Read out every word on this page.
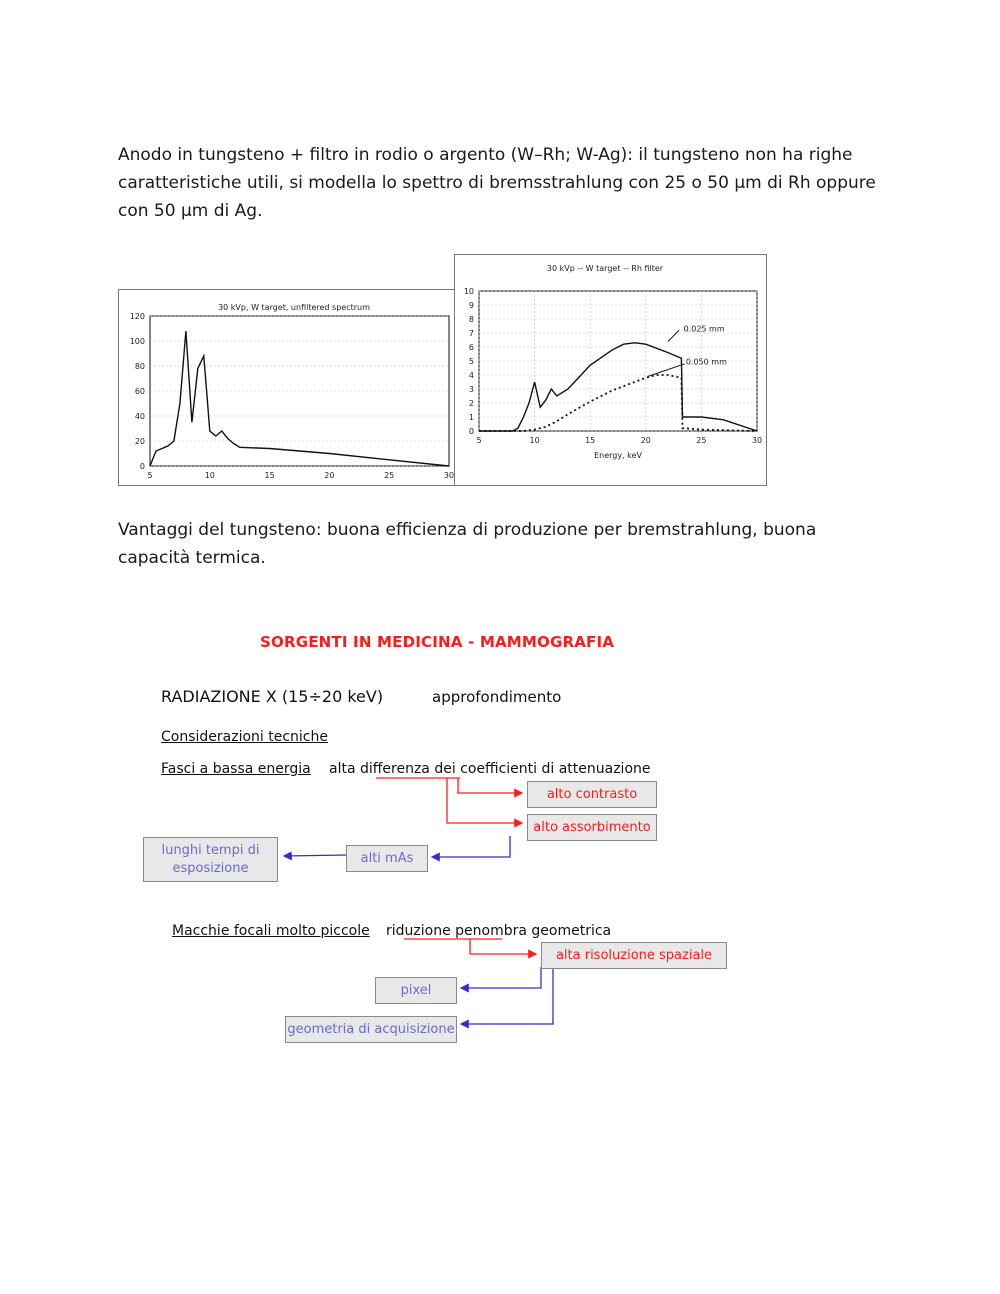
Anodo in tungsteno + filtro in rodio o argento (W–Rh; W-Ag): il tungsteno non ha righe caratteristiche utili, si modella lo spettro di bremsstrahlung con 25 o 50 µm di Rh oppure con 50 µm di Ag.

0
20
40
60
80
100
120
5	10	15	20	25	30
30 kVp, W target, unfiltered spectrum
0
1
2
3
4
5
6
7
8
9
10
5	10	15	20	25	30
30 kVp -- W target -- Rh filter
Energy, keV
0.025 mm
0.050 mm

Vantaggi del tungsteno: buona efficienza di produzione per bremstrahlung, buona capacità termica.

SORGENTI IN MEDICINA - MAMMOGRAFIA
RADIAZIONE X (15÷20 keV)	approfondimento
Considerazioni tecniche
Fasci a bassa energia alta differenza dei coefficienti di attenuazione
alto contrasto
alto assorbimento
alti mAs
lunghi tempi di esposizione
Macchie focali molto piccole riduzione penombra geometrica
alta risoluzione spaziale
pixel
geometria di acquisizione
